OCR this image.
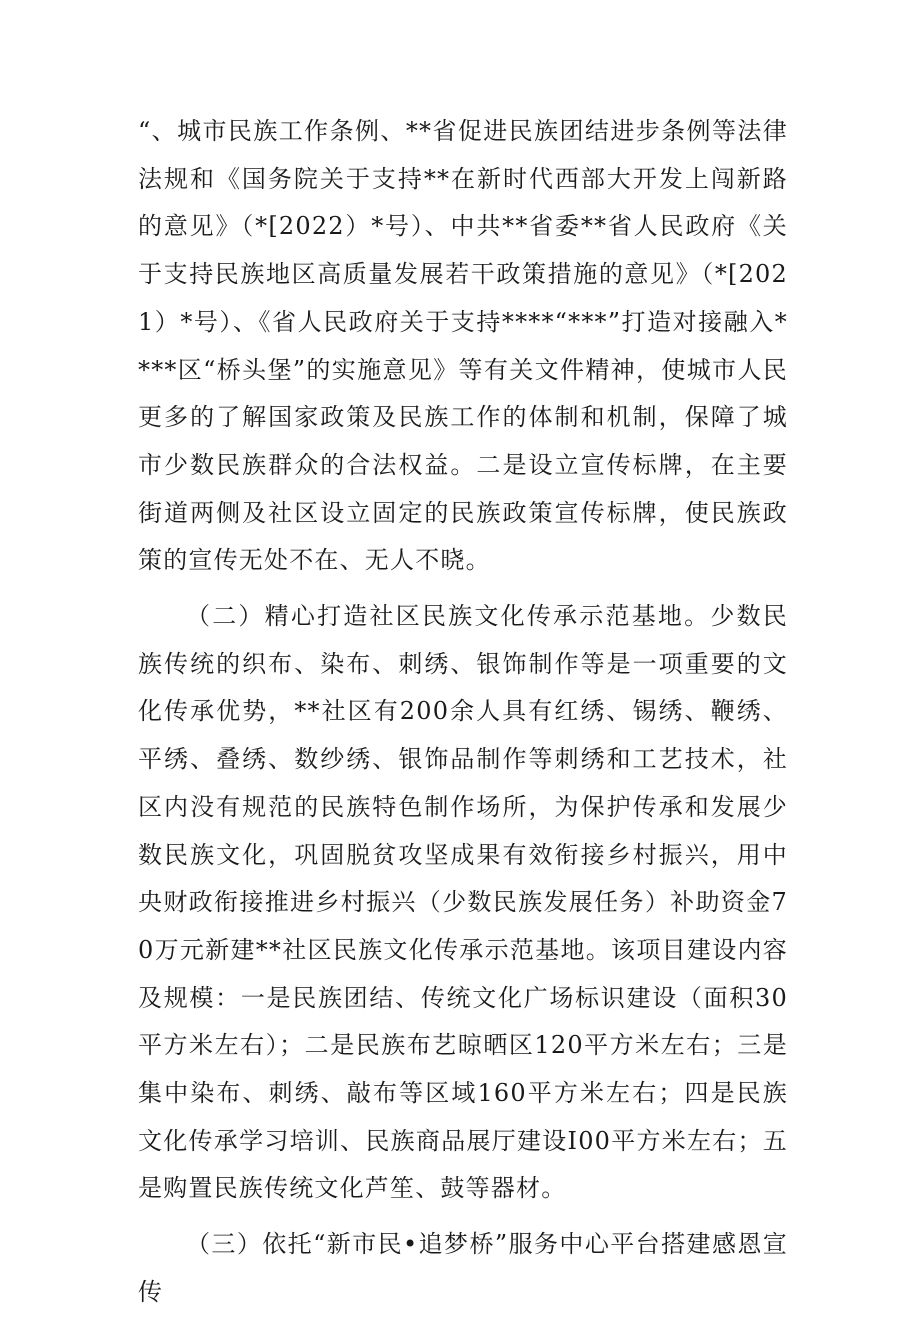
“、城市民族工作条例、**省促进民族团结进步条例等法律法规和《国务院关于支持**在新时代西部大开发上闯新路的意见》（*[2022）*号）、中共**省委**省人民政府《关于支持民族地区高质量发展若干政策措施的意见》（*[2021）*号）、《省人民政府关于支持****“***”打造对接融入****区“桥头堡”的实施意见》等有关文件精神，使城市人民更多的了解国家政策及民族工作的体制和机制，保障了城市少数民族群众的合法权益。二是设立宣传标牌，在主要街道两侧及社区设立固定的民族政策宣传标牌，使民族政策的宣传无处不在、无人不晓。

（二）精心打造社区民族文化传承示范基地。少数民族传统的织布、染布、刺绣、银饰制作等是一项重要的文化传承优势，**社区有200余人具有红绣、锡绣、鞭绣、平绣、叠绣、数纱绣、银饰品制作等刺绣和工艺技术，社区内没有规范的民族特色制作场所，为保护传承和发展少数民族文化，巩固脱贫攻坚成果有效衔接乡村振兴，用中央财政衔接推进乡村振兴（少数民族发展任务）补助资金70万元新建**社区民族文化传承示范基地。该项目建设内容及规模：一是民族团结、传统文化广场标识建设（面积30平方米左右）；二是民族布艺晾晒区120平方米左右；三是集中染布、刺绣、敲布等区域160平方米左右；四是民族文化传承学习培训、民族商品展厅建设I00平方米左右；五是购置民族传统文化芦笙、鼓等器材。

（三）依托“新市民•追梦桥”服务中心平台搭建感恩宣传
